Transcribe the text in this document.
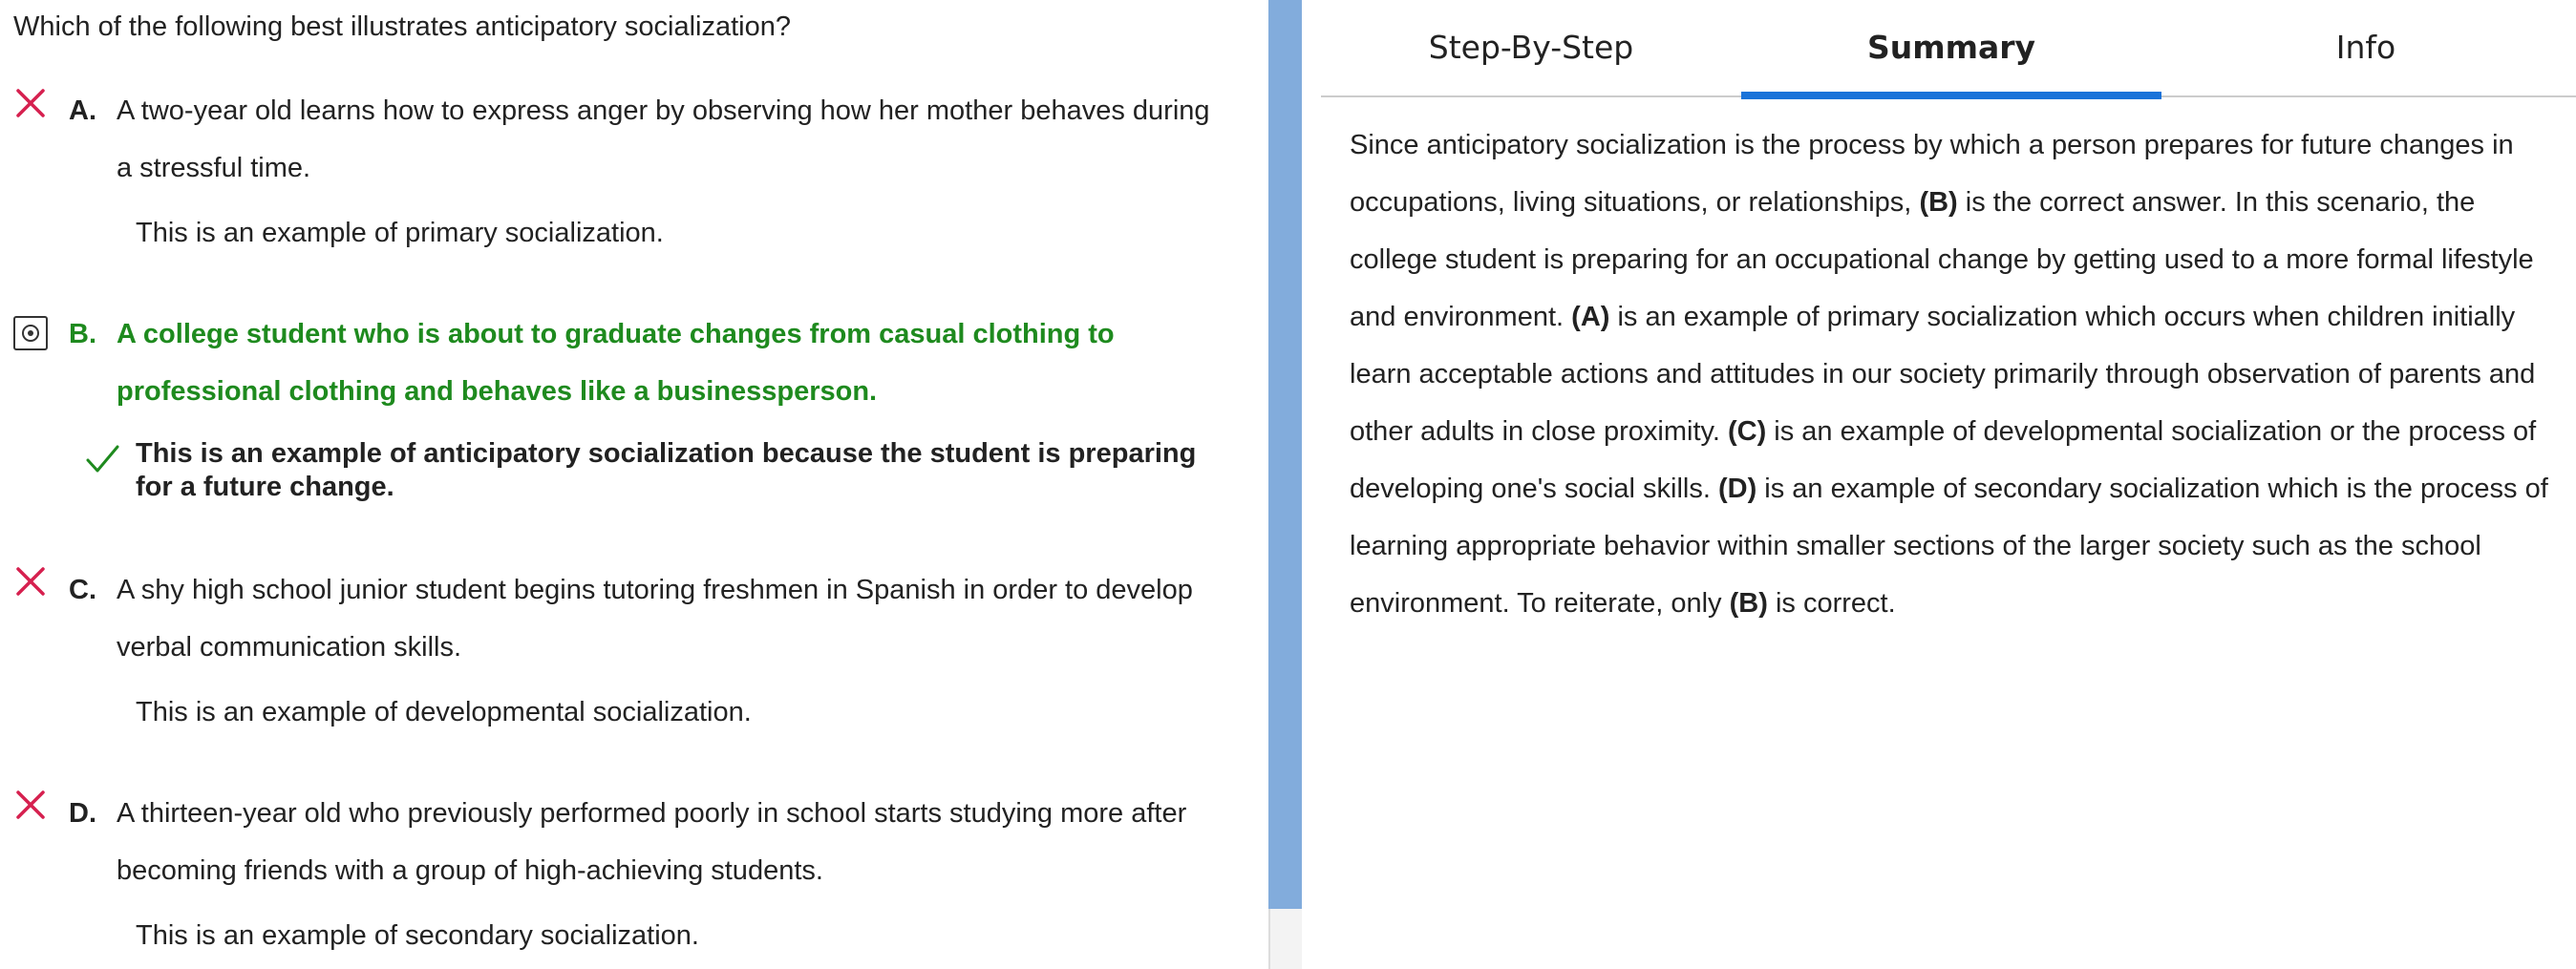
Which of the following best illustrates anticipatory socialization?
A. A two-year old learns how to express anger by observing how her mother behaves during
a stressful time.
This is an example of primary socialization.
B. A college student who is about to graduate changes from casual clothing to
professional clothing and behaves like a businessperson.
This is an example of anticipatory socialization because the student is preparing
for a future change.
C. A shy high school junior student begins tutoring freshmen in Spanish in order to develop
verbal communication skills.
This is an example of developmental socialization.
D. A thirteen-year old who previously performed poorly in school starts studying more after
becoming friends with a group of high-achieving students.
This is an example of secondary socialization.
Step-By-Step	Summary	Info
Since anticipatory socialization is the process by which a person prepares for future changes in occupations, living situations, or relationships, (B) is the correct answer. In this scenario, the college student is preparing for an occupational change by getting used to a more formal lifestyle and environment. (A) is an example of primary socialization which occurs when children initially learn acceptable actions and attitudes in our society primarily through observation of parents and other adults in close proximity. (C) is an example of developmental socialization or the process of developing one's social skills. (D) is an example of secondary socialization which is the process of learning appropriate behavior within smaller sections of the larger society such as the school environment. To reiterate, only (B) is correct.
